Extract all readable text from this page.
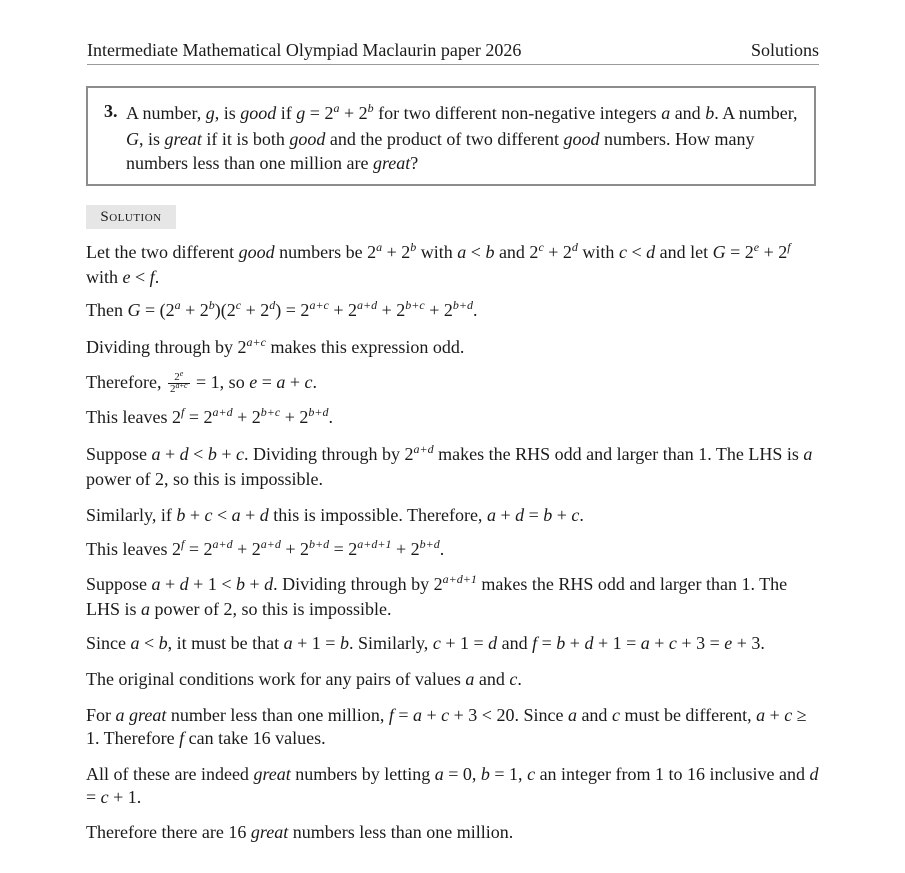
Intermediate Mathematical Olympiad Maclaurin paper 2026	Solutions
3. A number, g, is good if $g = 2^a + 2^b$ for two different non-negative integers a and b. A number, G, is great if it is both good and the product of two different good numbers. How many numbers less than one million are great?
Solution
Let the two different good numbers be $2^a + 2^b$ with a < b and $2^c + 2^d$ with c < d and let $G = 2^e + 2^f$ with e < f.
Then $G = (2^a + 2^b)(2^c + 2^d) = 2^{a+c} + 2^{a+d} + 2^{b+c} + 2^{b+d}$.
Dividing through by $2^{a+c}$ makes this expression odd.
Therefore, $\frac{2^e}{2^{a+c}} = 1$, so e = a + c.
This leaves $2^f = 2^{a+d} + 2^{b+c} + 2^{b+d}$.
Suppose a + d < b + c. Dividing through by $2^{a+d}$ makes the RHS odd and larger than 1. The LHS is a power of 2, so this is impossible.
Similarly, if b + c < a + d this is impossible. Therefore, a + d = b + c.
This leaves $2^f = 2^{a+d} + 2^{a+d} + 2^{b+d} = 2^{a+d+1} + 2^{b+d}$.
Suppose a + d + 1 < b + d. Dividing through by $2^{a+d+1}$ makes the RHS odd and larger than 1. The LHS is a power of 2, so this is impossible.
Since a < b, it must be that a + 1 = b. Similarly, c + 1 = d and f = b + d + 1 = a + c + 3 = e + 3.
The original conditions work for any pairs of values a and c.
For a great number less than one million, f = a + c + 3 < 20. Since a and c must be different, a + c ≥ 1. Therefore f can take 16 values.
All of these are indeed great numbers by letting a = 0, b = 1, c an integer from 1 to 16 inclusive and d = c + 1.
Therefore there are 16 great numbers less than one million.
